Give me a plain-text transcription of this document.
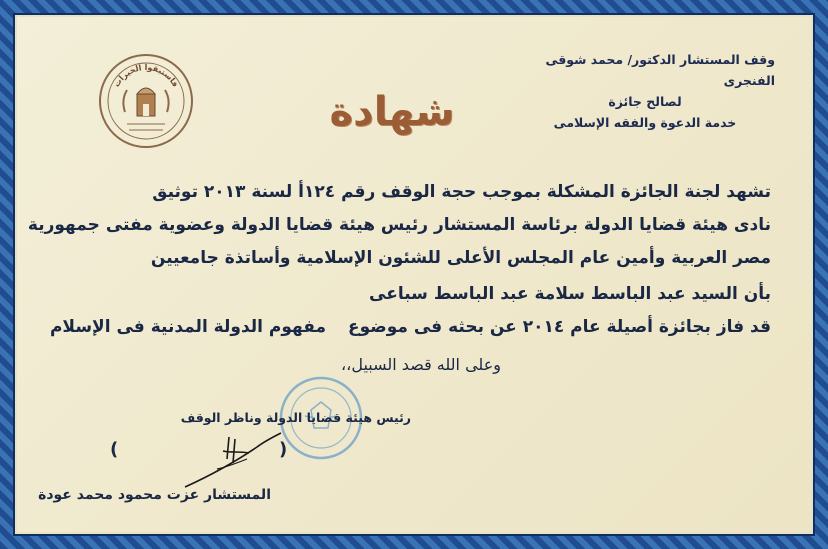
وقف المستشار الدكتور/ محمد شوقى الفنجرى
لصالح جائزة
خدمة الدعوة والفقه الإسلامى
شهادة
فاستبقوا الخيرات
تشهد لجنة الجائزة المشكلة بموجب حجة الوقف رقم ١٢٤أ لسنة ٢٠١٣ توثيق
نادى هيئة قضايا الدولة برئاسة المستشار رئيس هيئة قضايا الدولة وعضوية مفتى جمهورية
مصر العربية وأمين عام المجلس الأعلى للشئون الإسلامية وأساتذة جامعيين
بأن السيد عبد الباسط سلامة عبد الباسط سباعى
قد فاز بجائزة أصيلة عام ٢٠١٤ عن بحثه فى موضوع
مفهوم الدولة المدنية فى الإسلام
وعلى الله قصد السبيل،،
رئيس هيئة قضايا الدولة وناظر الوقف
(
)
المستشار عزت محمود محمد عودة
